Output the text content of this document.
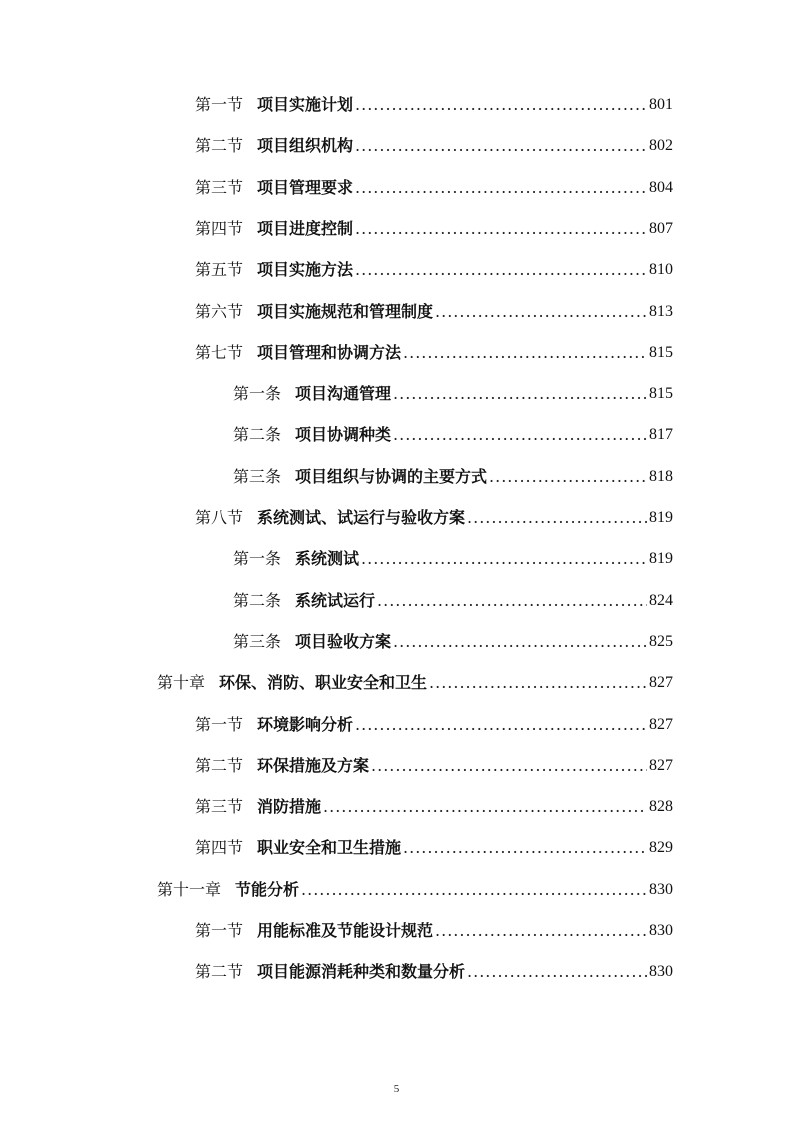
第一节 项目实施计划 .....	801
第二节 项目组织机构 .....	802
第三节 项目管理要求 .....	804
第四节 项目进度控制 .....	807
第五节 项目实施方法 .....	810
第六节 项目实施规范和管理制度 .....	813
第七节 项目管理和协调方法 .....	815
第一条 项目沟通管理 .....	815
第二条 项目协调种类 .....	817
第三条 项目组织与协调的主要方式 .....	818
第八节 系统测试、试运行与验收方案 .....	819
第一条 系统测试 .....	819
第二条 系统试运行 .....	824
第三条 项目验收方案 .....	825
第十章 环保、消防、职业安全和卫生 .....	827
第一节 环境影响分析 .....	827
第二节 环保措施及方案 .....	827
第三节 消防措施 .....	828
第四节 职业安全和卫生措施 .....	829
第十一章 节能分析 .....	830
第一节 用能标准及节能设计规范 .....	830
第二节 项目能源消耗种类和数量分析 .....	830
5
